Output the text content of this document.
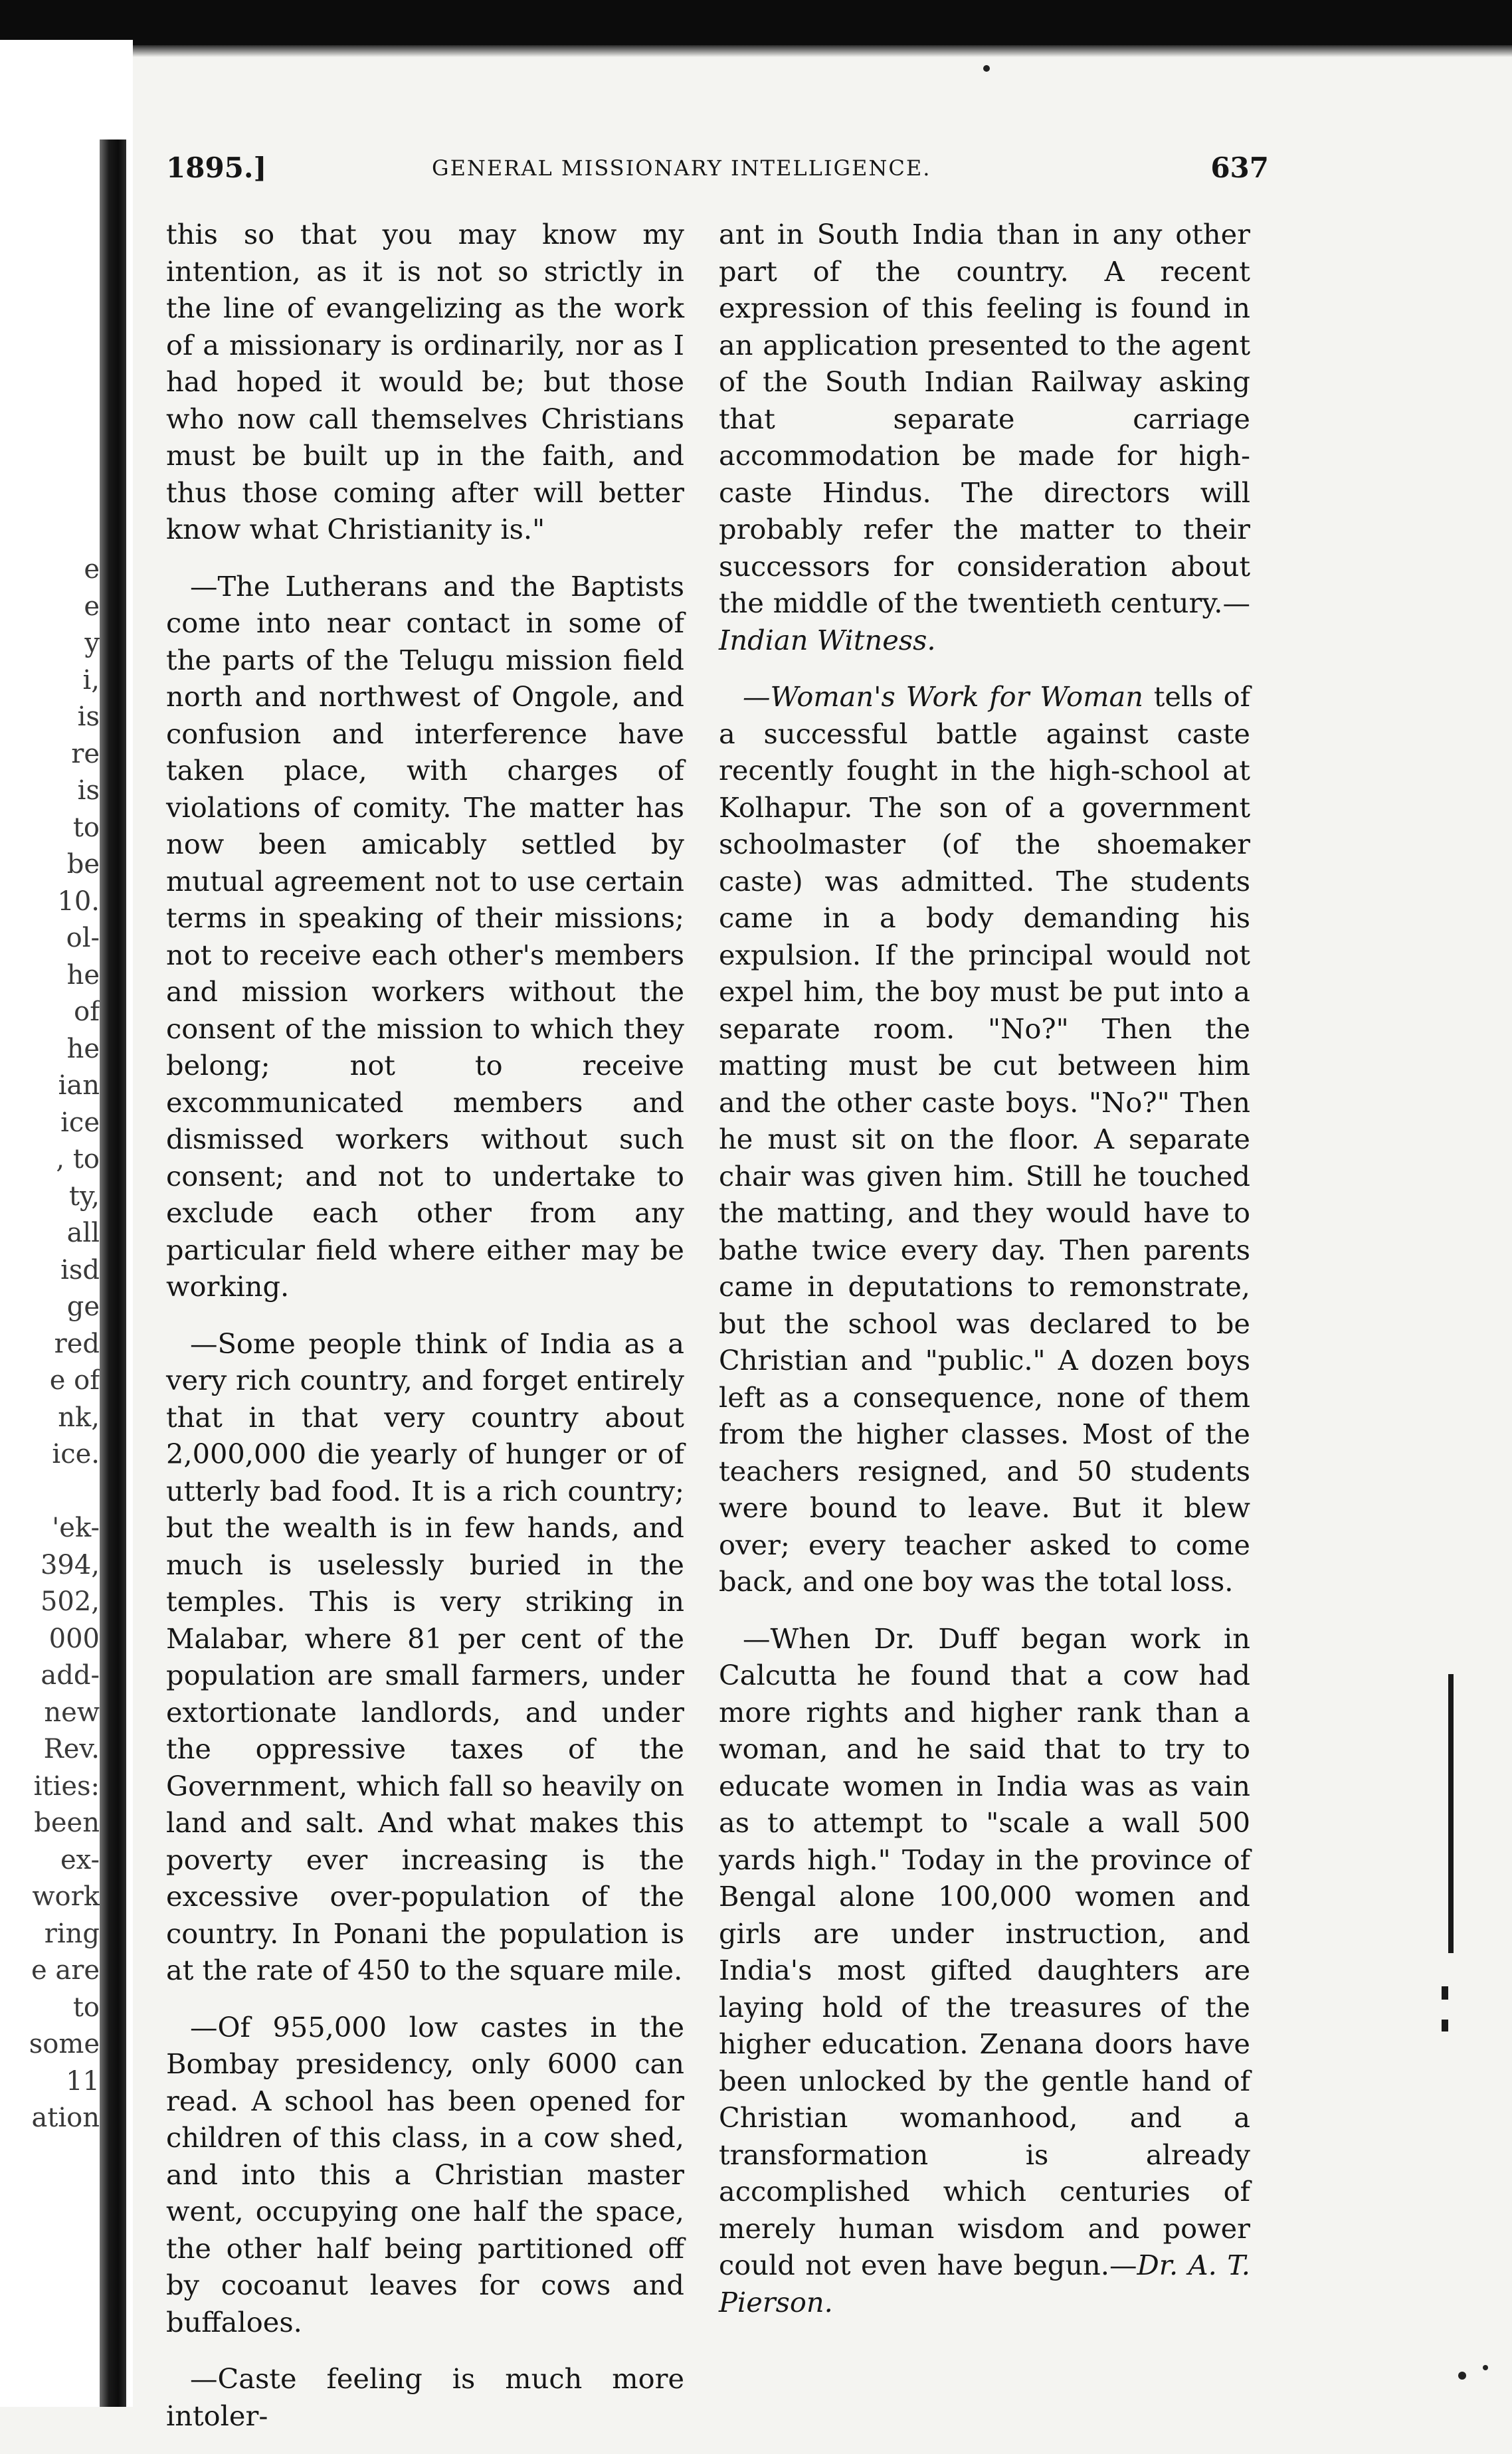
e
e
y
i,
is
re
is
to
be
10.
ol-
he
of
he
ian
ice
, to
ty,
all
isd
ge
red
e of
nk,
ice.

'ek-
394,
502,
000
add-
new
Rev.
ities:
been
ex-
work
ring
e are
to
some
11
ation
1895.]	GENERAL MISSIONARY INTELLIGENCE.	637

this so that you may know my intention, as it is not so strictly in the line of evangelizing as the work of a missionary is ordinarily, nor as I had hoped it would be; but those who now call themselves Christians must be built up in the faith, and thus those coming after will better know what Christianity is."

—The Lutherans and the Baptists come into near contact in some of the parts of the Telugu mission field north and northwest of Ongole, and confusion and interference have taken place, with charges of violations of comity. The matter has now been amicably settled by mutual agreement not to use certain terms in speaking of their missions; not to receive each other's members and mission workers without the consent of the mission to which they belong; not to receive excommunicated members and dismissed workers without such consent; and not to undertake to exclude each other from any particular field where either may be working.

—Some people think of India as a very rich country, and forget entirely that in that very country about 2,000,000 die yearly of hunger or of utterly bad food. It is a rich country; but the wealth is in few hands, and much is uselessly buried in the temples. This is very striking in Malabar, where 81 per cent of the population are small farmers, under extortionate landlords, and under the oppressive taxes of the Government, which fall so heavily on land and salt. And what makes this poverty ever increasing is the excessive over-population of the country. In Ponani the population is at the rate of 450 to the square mile.

—Of 955,000 low castes in the Bombay presidency, only 6000 can read. A school has been opened for children of this class, in a cow shed, and into this a Christian master went, occupying one half the space, the other half being partitioned off by cocoanut leaves for cows and buffaloes.

—Caste feeling is much more intoler-

ant in South India than in any other part of the country. A recent expression of this feeling is found in an application presented to the agent of the South Indian Railway asking that separate carriage accommodation be made for high-caste Hindus. The directors will probably refer the matter to their successors for consideration about the middle of the twentieth century.—Indian Witness.

—Woman's Work for Woman tells of a successful battle against caste recently fought in the high-school at Kolhapur. The son of a government schoolmaster (of the shoemaker caste) was admitted. The students came in a body demanding his expulsion. If the principal would not expel him, the boy must be put into a separate room. "No?" Then the matting must be cut between him and the other caste boys. "No?" Then he must sit on the floor. A separate chair was given him. Still he touched the matting, and they would have to bathe twice every day. Then parents came in deputations to remonstrate, but the school was declared to be Christian and "public." A dozen boys left as a consequence, none of them from the higher classes. Most of the teachers resigned, and 50 students were bound to leave. But it blew over; every teacher asked to come back, and one boy was the total loss.

—When Dr. Duff began work in Calcutta he found that a cow had more rights and higher rank than a woman, and he said that to try to educate women in India was as vain as to attempt to "scale a wall 500 yards high." Today in the province of Bengal alone 100,000 women and girls are under instruction, and India's most gifted daughters are laying hold of the treasures of the higher education. Zenana doors have been unlocked by the gentle hand of Christian womanhood, and a transformation is already accomplished which centuries of merely human wisdom and power could not even have begun.—Dr. A. T. Pierson.
